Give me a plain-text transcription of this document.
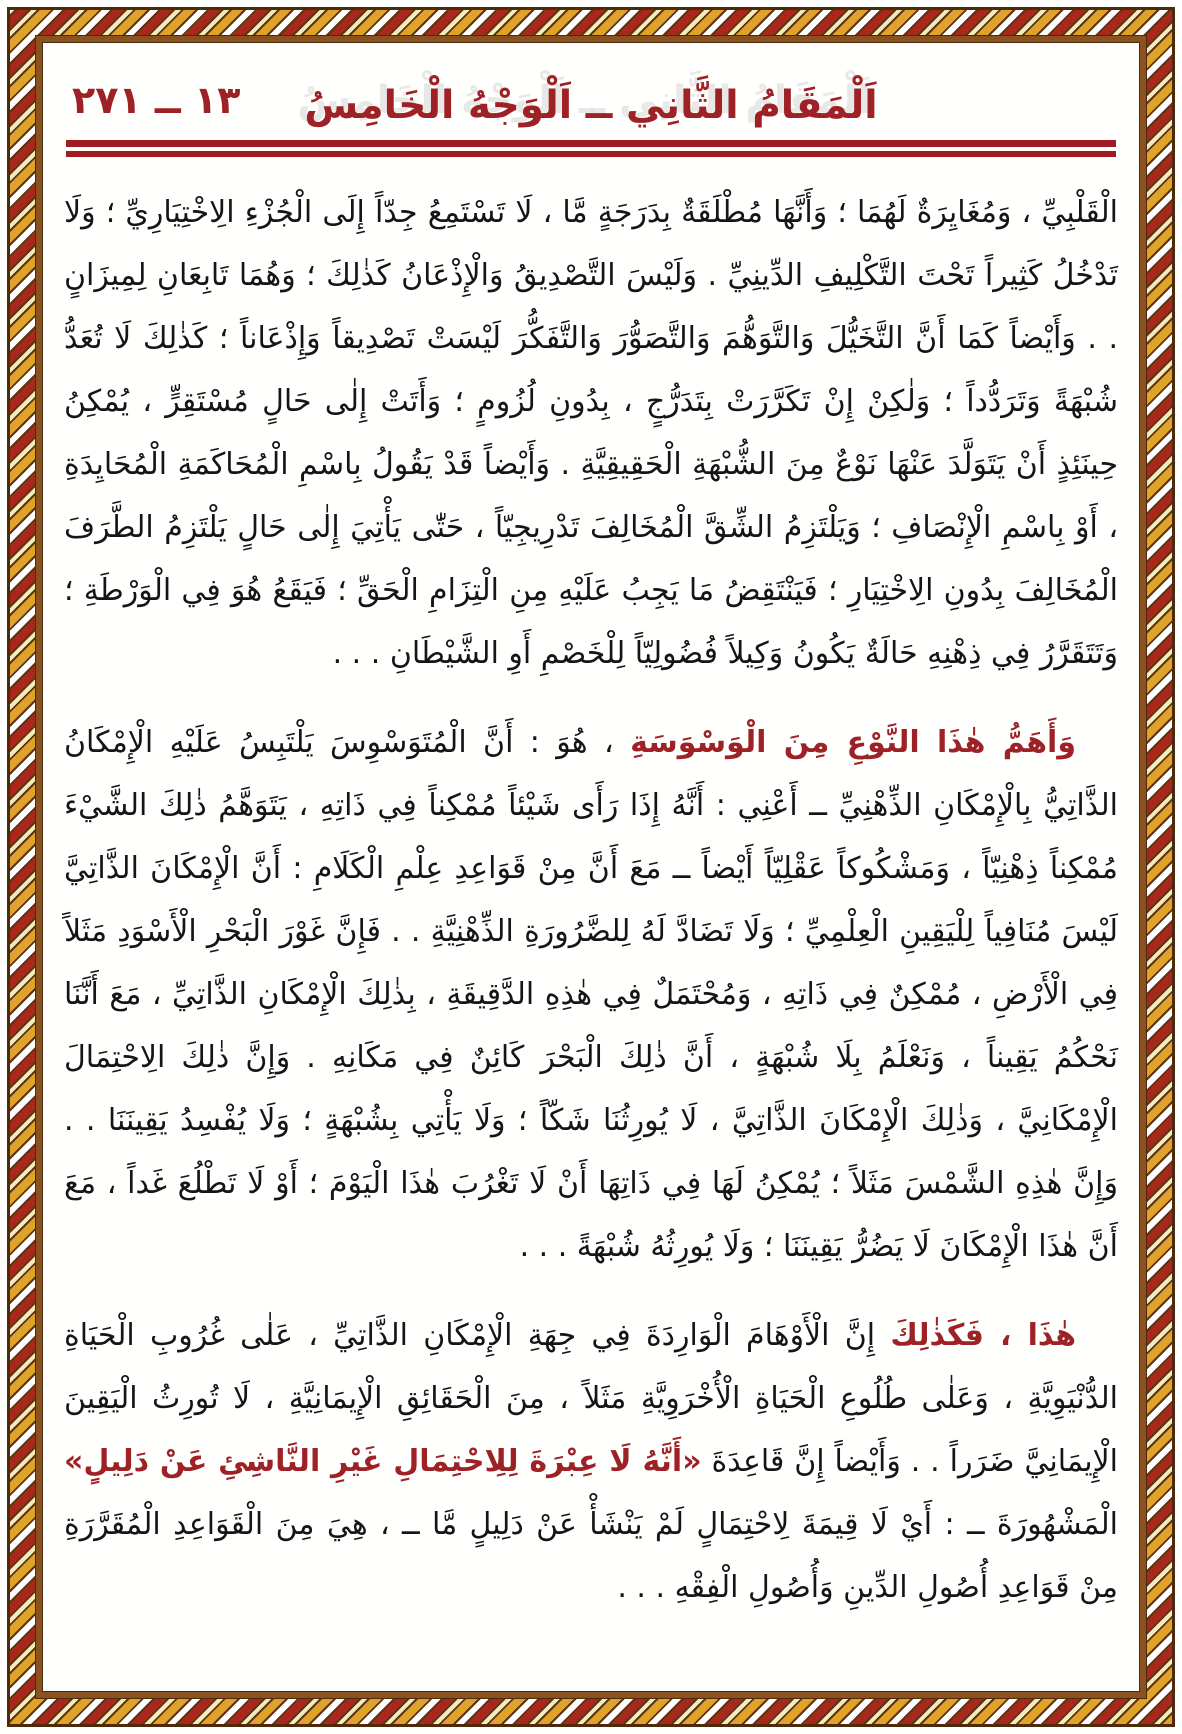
١٣ ــ ٢٧١	اَلْمَقَامُ الثَّانِي ــ اَلْوَجْهُ الْخَامِسُ

الْقَلْبِيِّ ، وَمُغَايِرَةٌ لَهُمَا ؛ وَأَنَّهَا مُطْلَقَةٌ بِدَرَجَةٍ مَّا ، لَا تَسْتَمِعُ جِدّاً إِلَى الْجُزْءِ الِاخْتِيَارِيِّ ؛ وَلَا تَدْخُلُ كَثِيراً تَحْتَ التَّكْلِيفِ الدِّينِيِّ . وَلَيْسَ التَّصْدِيقُ وَالْإِذْعَانُ كَذٰلِكَ ؛ وَهُمَا تَابِعَانِ لِمِيزَانٍ . . وَأَيْضاً كَمَا أَنَّ التَّخَيُّلَ وَالتَّوَهُّمَ وَالتَّصَوُّرَ وَالتَّفَكُّرَ لَيْسَتْ تَصْدِيقاً وَإِذْعَاناً ؛ كَذٰلِكَ لَا تُعَدُّ شُبْهَةً وَتَرَدُّداً ؛ وَلٰكِنْ إِنْ تَكَرَّرَتْ بِتَدَرُّجٍ ، بِدُونِ لُزُومٍ ؛ وَأَتَتْ إِلٰى حَالٍ مُسْتَقِرٍّ ، يُمْكِنُ حِينَئِذٍ أَنْ يَتَوَلَّدَ عَنْهَا نَوْعٌ مِنَ الشُّبْهَةِ الْحَقِيقِيَّةِ . وَأَيْضاً قَدْ يَقُولُ بِاسْمِ الْمُحَاكَمَةِ الْمُحَايِدَةِ ، أَوْ بِاسْمِ الْإِنْصَافِ ؛ وَيَلْتَزِمُ الشِّقَّ الْمُخَالِفَ تَدْرِيجِيّاً ، حَتّٰى يَأْتِيَ إِلٰى حَالٍ يَلْتَزِمُ الطَّرَفَ الْمُخَالِفَ بِدُونِ الِاخْتِيَارِ ؛ فَيَنْتَقِضُ مَا يَجِبُ عَلَيْهِ مِنِ الْتِزَامِ الْحَقِّ ؛ فَيَقَعُ هُوَ فِي الْوَرْطَةِ ؛ وَتَتَقَرَّرُ فِي ذِهْنِهِ حَالَةٌ يَكُونُ وَكِيلاً فُضُولِيّاً لِلْخَصْمِ أَوِ الشَّيْطَانِ . . .

وَأَهَمُّ هٰذَا النَّوْعِ مِنَ الْوَسْوَسَةِ ، هُوَ : أَنَّ الْمُتَوَسْوِسَ يَلْتَبِسُ عَلَيْهِ الْإِمْكَانُ الذَّاتِيُّ بِالْإِمْكَانِ الذِّهْنِيِّ ــ أَعْنِي : أَنَّهُ إِذَا رَأَى شَيْئاً مُمْكِناً فِي ذَاتِهِ ، يَتَوَهَّمُ ذٰلِكَ الشَّيْءَ مُمْكِناً ذِهْنِيّاً ، وَمَشْكُوكاً عَقْلِيّاً أَيْضاً ــ مَعَ أَنَّ مِنْ قَوَاعِدِ عِلْمِ الْكَلَامِ : أَنَّ الْإِمْكَانَ الذَّاتِيَّ لَيْسَ مُنَافِياً لِلْيَقِينِ الْعِلْمِيِّ ؛ وَلَا تَضَادَّ لَهُ لِلضَّرُورَةِ الذِّهْنِيَّةِ . . فَإِنَّ غَوْرَ الْبَحْرِ الْأَسْوَدِ مَثَلاً فِي الْأَرْضِ ، مُمْكِنٌ فِي ذَاتِهِ ، وَمُحْتَمَلٌ فِي هٰذِهِ الدَّقِيقَةِ ، بِذٰلِكَ الْإِمْكَانِ الذَّاتِيِّ ، مَعَ أَنَّنَا نَحْكُمُ يَقِيناً ، وَنَعْلَمُ بِلَا شُبْهَةٍ ، أَنَّ ذٰلِكَ الْبَحْرَ كَائِنٌ فِي مَكَانِهِ . وَإِنَّ ذٰلِكَ الِاحْتِمَالَ الْإِمْكَانِيَّ ، وَذٰلِكَ الْإِمْكَانَ الذَّاتِيَّ ، لَا يُورِثُنَا شَكّاً ؛ وَلَا يَأْتِي بِشُبْهَةٍ ؛ وَلَا يُفْسِدُ يَقِينَنَا . . وَإِنَّ هٰذِهِ الشَّمْسَ مَثَلاً ؛ يُمْكِنُ لَهَا فِي ذَاتِهَا أَنْ لَا تَغْرُبَ هٰذَا الْيَوْمَ ؛ أَوْ لَا تَطْلُعَ غَداً ، مَعَ أَنَّ هٰذَا الْإِمْكَانَ لَا يَضُرُّ يَقِينَنَا ؛ وَلَا يُورِثُهُ شُبْهَةً . . .

هٰذَا ، فَكَذٰلِكَ إِنَّ الْأَوْهَامَ الْوَارِدَةَ فِي جِهَةِ الْإِمْكَانِ الذَّاتِيِّ ، عَلٰى غُرُوبِ الْحَيَاةِ الدُّنْيَوِيَّةِ ، وَعَلٰى طُلُوعِ الْحَيَاةِ الْأُخْرَوِيَّةِ مَثَلاً ، مِنَ الْحَقَائِقِ الْإِيمَانِيَّةِ ، لَا تُورِثُ الْيَقِينَ الْإِيمَانِيَّ ضَرَراً . . وَأَيْضاً إِنَّ قَاعِدَةَ «أَنَّهُ لَا عِبْرَةَ لِلِاحْتِمَالِ غَيْرِ النَّاشِئِ عَنْ دَلِيلٍ» الْمَشْهُورَةَ ــ : أَيْ لَا قِيمَةَ لِاحْتِمَالٍ لَمْ يَنْشَأْ عَنْ دَلِيلٍ مَّا ــ ، هِيَ مِنَ الْقَوَاعِدِ الْمُقَرَّرَةِ مِنْ قَوَاعِدِ أُصُولِ الدِّينِ وَأُصُولِ الْفِقْهِ . . .
